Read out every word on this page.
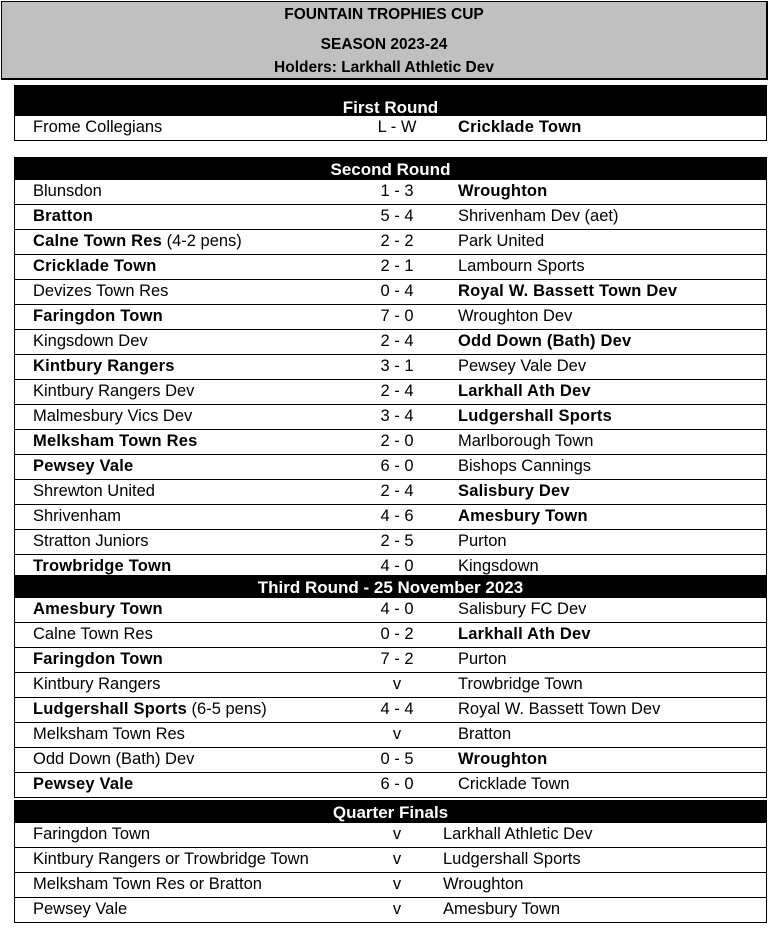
FOUNTAIN TROPHIES CUP
SEASON 2023-24
Holders: Larkhall Athletic Dev
First Round
Frome Collegians	L - W	Cricklade Town
Second Round
Blunsdon	1 - 3	Wroughton
Bratton	5 - 4	Shrivenham Dev (aet)
Calne Town Res (4-2 pens)	2 - 2	Park United
Cricklade Town	2 - 1	Lambourn Sports
Devizes Town Res	0 - 4	Royal W. Bassett Town Dev
Faringdon Town	7 - 0	Wroughton Dev
Kingsdown Dev	2 - 4	Odd Down (Bath) Dev
Kintbury Rangers	3 - 1	Pewsey Vale Dev
Kintbury Rangers Dev	2 - 4	Larkhall Ath Dev
Malmesbury Vics Dev	3 - 4	Ludgershall Sports
Melksham Town Res	2 - 0	Marlborough Town
Pewsey Vale	6 - 0	Bishops Cannings
Shrewton United	2 - 4	Salisbury Dev
Shrivenham	4 - 6	Amesbury Town
Stratton Juniors	2 - 5	Purton
Trowbridge Town	4 - 0	Kingsdown
Third Round - 25 November 2023
Amesbury Town	4 - 0	Salisbury FC Dev
Calne Town Res	0 - 2	Larkhall Ath Dev
Faringdon Town	7 - 2	Purton
Kintbury Rangers	v	Trowbridge Town
Ludgershall Sports (6-5 pens)	4 - 4	Royal W. Bassett Town Dev
Melksham Town Res	v	Bratton
Odd Down (Bath) Dev	0 - 5	Wroughton
Pewsey Vale	6 - 0	Cricklade Town
Quarter Finals
Faringdon Town	v	Larkhall Athletic Dev
Kintbury Rangers or Trowbridge Town	v	Ludgershall Sports
Melksham Town Res or Bratton	v	Wroughton
Pewsey Vale	v	Amesbury Town
